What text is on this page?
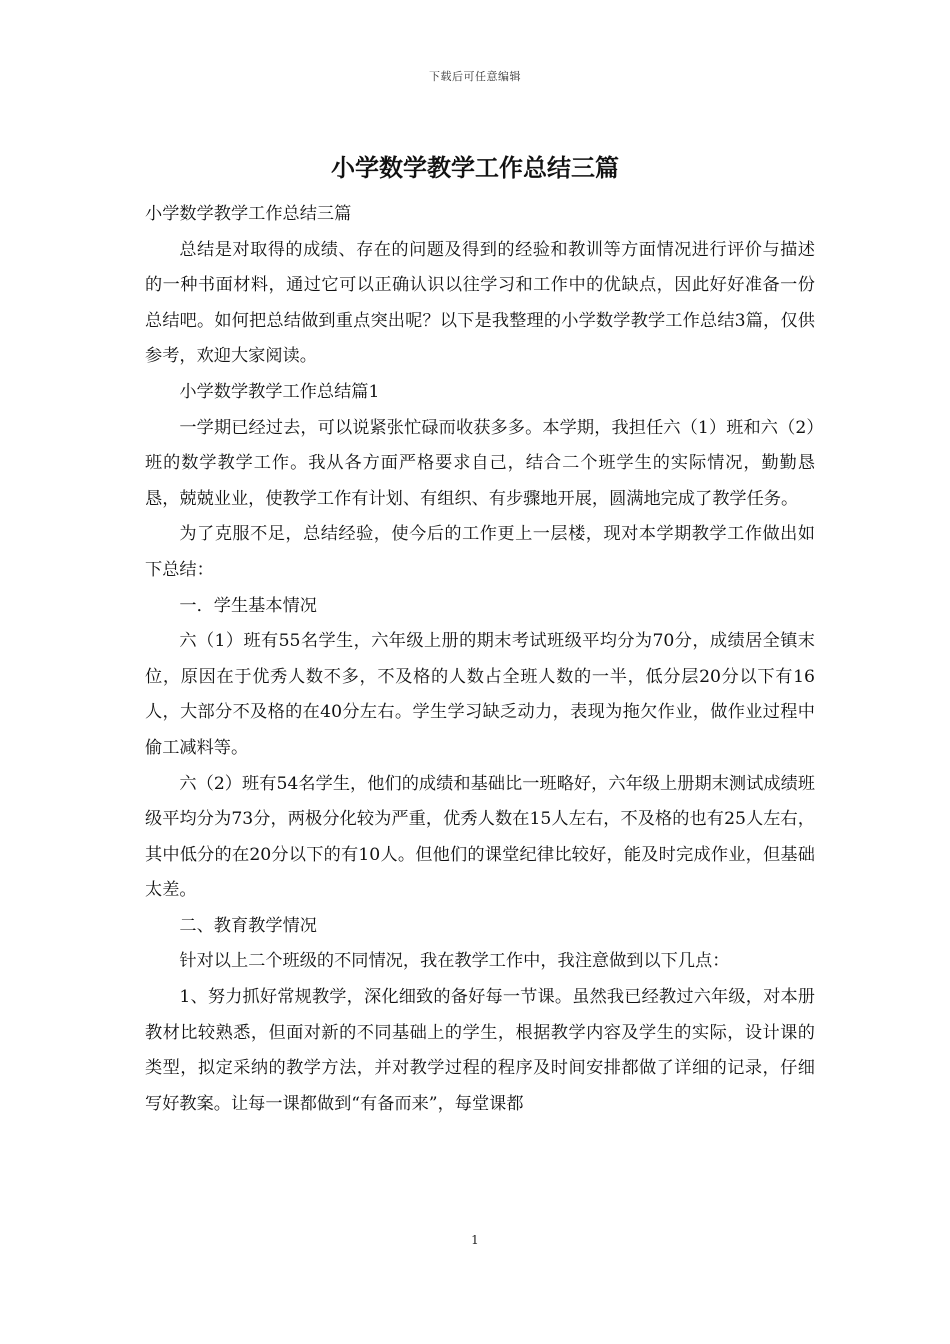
下载后可任意编辑
小学数学教学工作总结三篇

小学数学教学工作总结三篇

总结是对取得的成绩、存在的问题及得到的经验和教训等方面情况进行评价与描述的一种书面材料，通过它可以正确认识以往学习和工作中的优缺点，因此好好准备一份总结吧。如何把总结做到重点突出呢？以下是我整理的小学数学教学工作总结3篇，仅供参考，欢迎大家阅读。

小学数学教学工作总结篇1

一学期已经过去，可以说紧张忙碌而收获多多。本学期，我担任六（1）班和六（2）班的数学教学工作。我从各方面严格要求自己，结合二个班学生的实际情况，勤勤恳恳，兢兢业业，使教学工作有计划、有组织、有步骤地开展，圆满地完成了教学任务。

为了克服不足，总结经验，使今后的工作更上一层楼，现对本学期教学工作做出如下总结：

一．学生基本情况

六（1）班有55名学生，六年级上册的期末考试班级平均分为70分，成绩居全镇末位，原因在于优秀人数不多，不及格的人数占全班人数的一半，低分层20分以下有16人，大部分不及格的在40分左右。学生学习缺乏动力，表现为拖欠作业，做作业过程中偷工减料等。

六（2）班有54名学生，他们的成绩和基础比一班略好，六年级上册期末测试成绩班级平均分为73分，两极分化较为严重，优秀人数在15人左右，不及格的也有25人左右，其中低分的在20分以下的有10人。但他们的课堂纪律比较好，能及时完成作业，但基础太差。

二、教育教学情况

针对以上二个班级的不同情况，我在教学工作中，我注意做到以下几点：

1、努力抓好常规教学，深化细致的备好每一节课。虽然我已经教过六年级，对本册教材比较熟悉，但面对新的不同基础上的学生，根据教学内容及学生的实际，设计课的类型，拟定采纳的教学方法，并对教学过程的程序及时间安排都做了详细的记录，仔细写好教案。让每一课都做到“有备而来”，每堂课都

1
